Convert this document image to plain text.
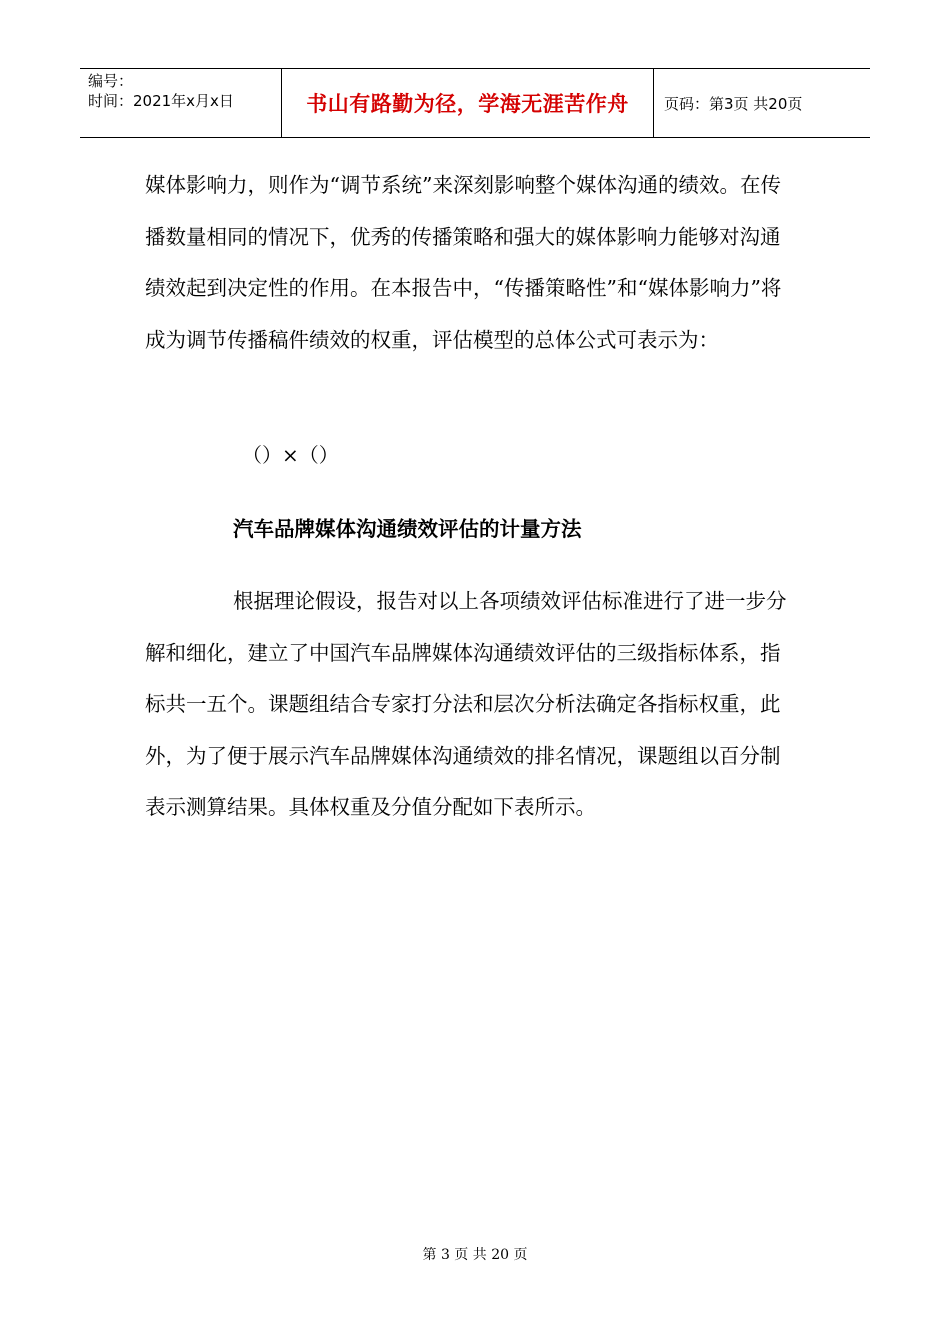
编号：
时间：2021年x月x日	书山有路勤为径，学海无涯苦作舟	页码：第3页 共20页

媒体影响力，则作为“调节系统”来深刻影响整个媒体沟通的绩效。在传播数量相同的情况下，优秀的传播策略和强大的媒体影响力能够对沟通绩效起到决定性的作用。在本报告中，“传播策略性”和“媒体影响力”将成为调节传播稿件绩效的权重，评估模型的总体公式可表示为：

（）×（）
汽车品牌媒体沟通绩效评估的计量方法

根据理论假设，报告对以上各项绩效评估标准进行了进一步分解和细化，建立了中国汽车品牌媒体沟通绩效评估的三级指标体系，指标共一五个。课题组结合专家打分法和层次分析法确定各指标权重，此外，为了便于展示汽车品牌媒体沟通绩效的排名情况，课题组以百分制表示测算结果。具体权重及分值分配如下表所示。

第 3 页 共 20 页
